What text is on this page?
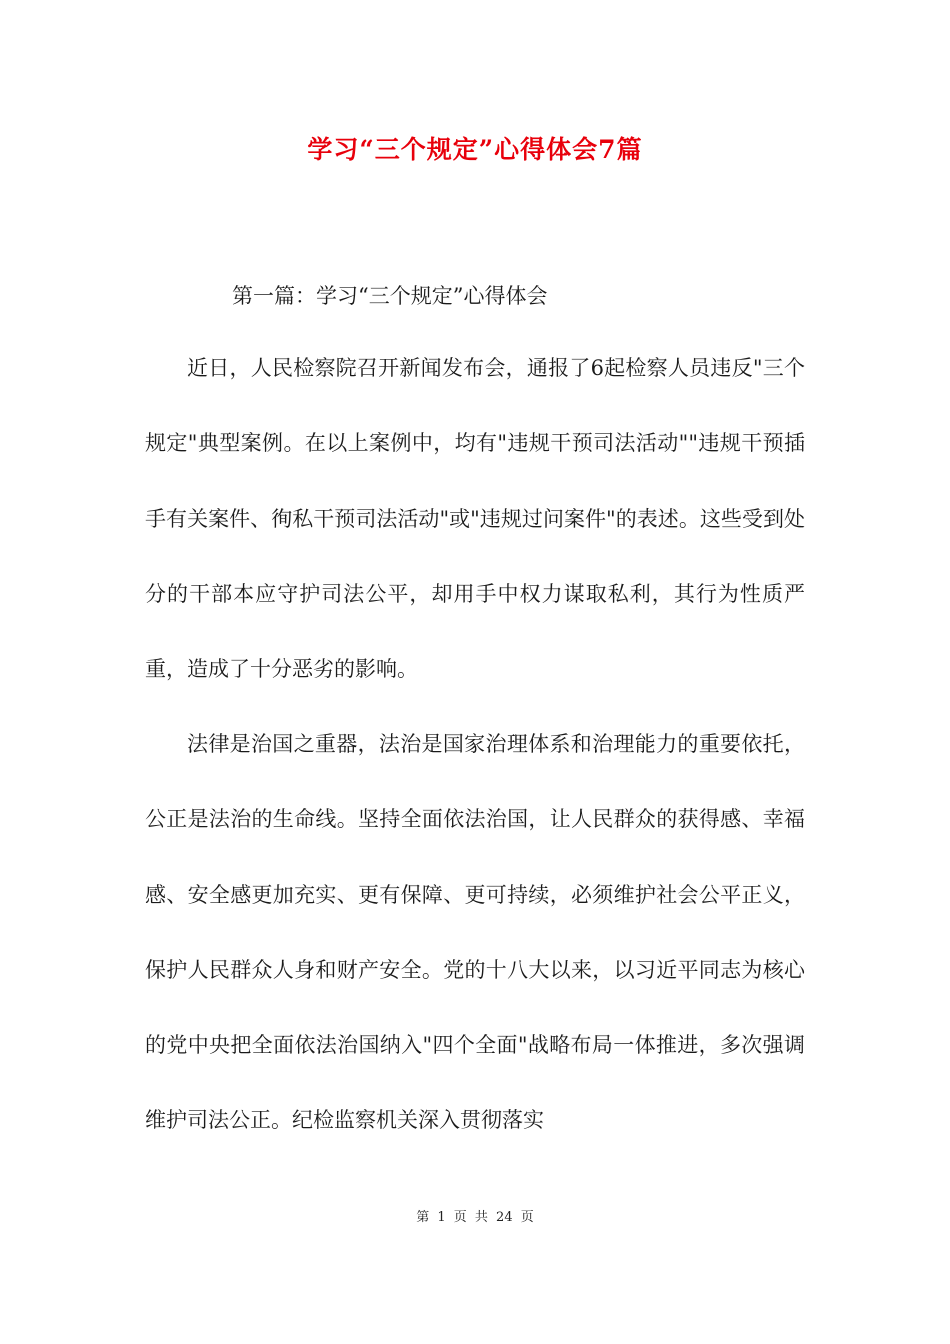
学习“三个规定”心得体会7篇

第一篇：学习“三个规定”心得体会

近日，人民检察院召开新闻发布会，通报了6起检察人员违反"三个规定"典型案例。在以上案例中，均有"违规干预司法活动""违规干预插手有关案件、徇私干预司法活动"或"违规过问案件"的表述。这些受到处分的干部本应守护司法公平，却用手中权力谋取私利，其行为性质严重，造成了十分恶劣的影响。

法律是治国之重器，法治是国家治理体系和治理能力的重要依托，公正是法治的生命线。坚持全面依法治国，让人民群众的获得感、幸福感、安全感更加充实、更有保障、更可持续，必须维护社会公平正义，保护人民群众人身和财产安全。党的十八大以来，以习近平同志为核心的党中央把全面依法治国纳入"四个全面"战略布局一体推进，多次强调维护司法公正。纪检监察机关深入贯彻落实

第 1 页 共 24 页
